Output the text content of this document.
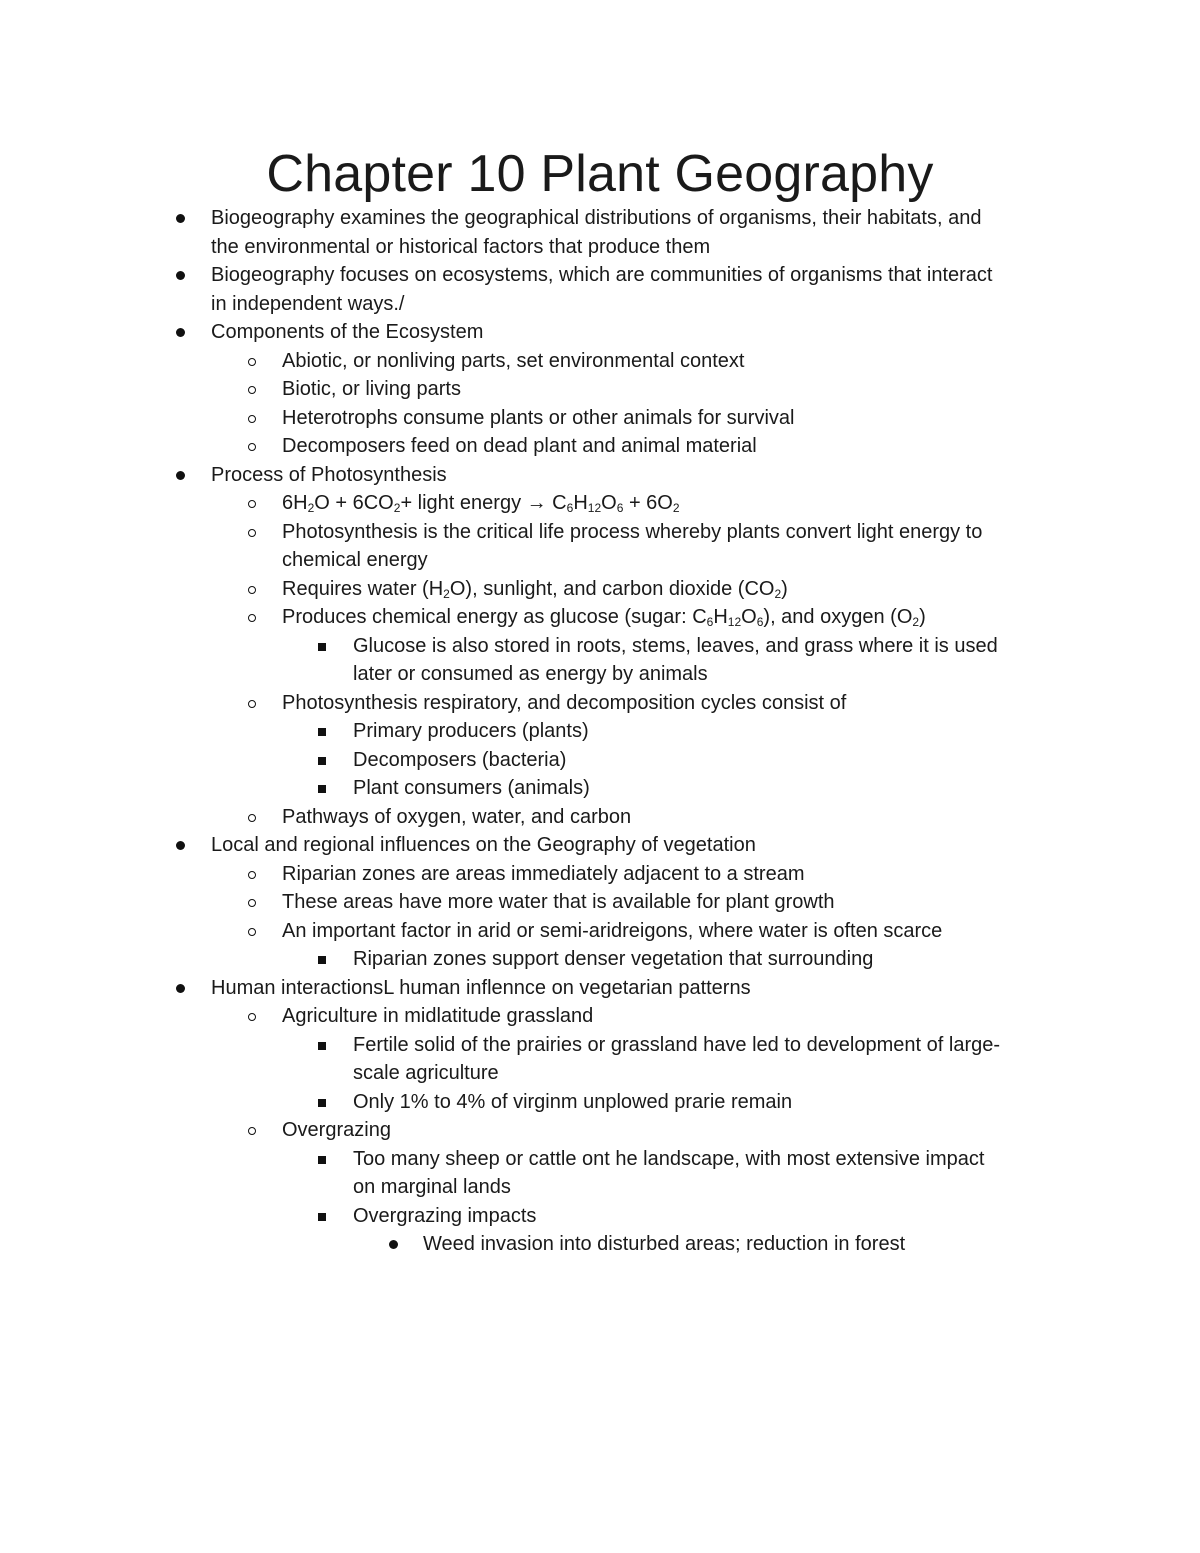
Chapter 10 Plant Geography
Biogeography examines the geographical distributions of organisms, their habitats, and
the environmental or historical factors that produce them
Biogeography focuses on ecosystems, which are communities of organisms that interact
in independent ways./
Components of the Ecosystem
Abiotic, or nonliving parts, set environmental context
Biotic, or living parts
Heterotrophs consume plants or other animals for survival
Decomposers feed on dead plant and animal material
Process of Photosynthesis
$6H_2O + 6CO_2+$ light energy → $C_6H_{12}O_6 + 6O_2$
Photosynthesis is the critical life process whereby plants convert light energy to
chemical energy
Requires water $(H_2O)$, sunlight, and carbon dioxide $(CO_2)$
Produces chemical energy as glucose (sugar: $C_6H_{12}O_6$), and oxygen $(O_2)$
Glucose is also stored in roots, stems, leaves, and grass where it is used
later or consumed as energy by animals
Photosynthesis respiratory, and decomposition cycles consist of
Primary producers (plants)
Decomposers (bacteria)
Plant consumers (animals)
Pathways of oxygen, water, and carbon
Local and regional influences on the Geography of vegetation
Riparian zones are areas immediately adjacent to a stream
These areas have more water that is available for plant growth
An important factor in arid or semi-aridreigons, where water is often scarce
Riparian zones support denser vegetation that surrounding
Human interactionsL human inflennce on vegetarian patterns
Agriculture in midlatitude grassland
Fertile solid of the prairies or grassland have led to development of large-
scale agriculture
Only 1% to 4% of virginm unplowed prarie remain
Overgrazing
Too many sheep or cattle ont he landscape, with most extensive impact
on marginal lands
Overgrazing impacts
Weed invasion into disturbed areas; reduction in forest
